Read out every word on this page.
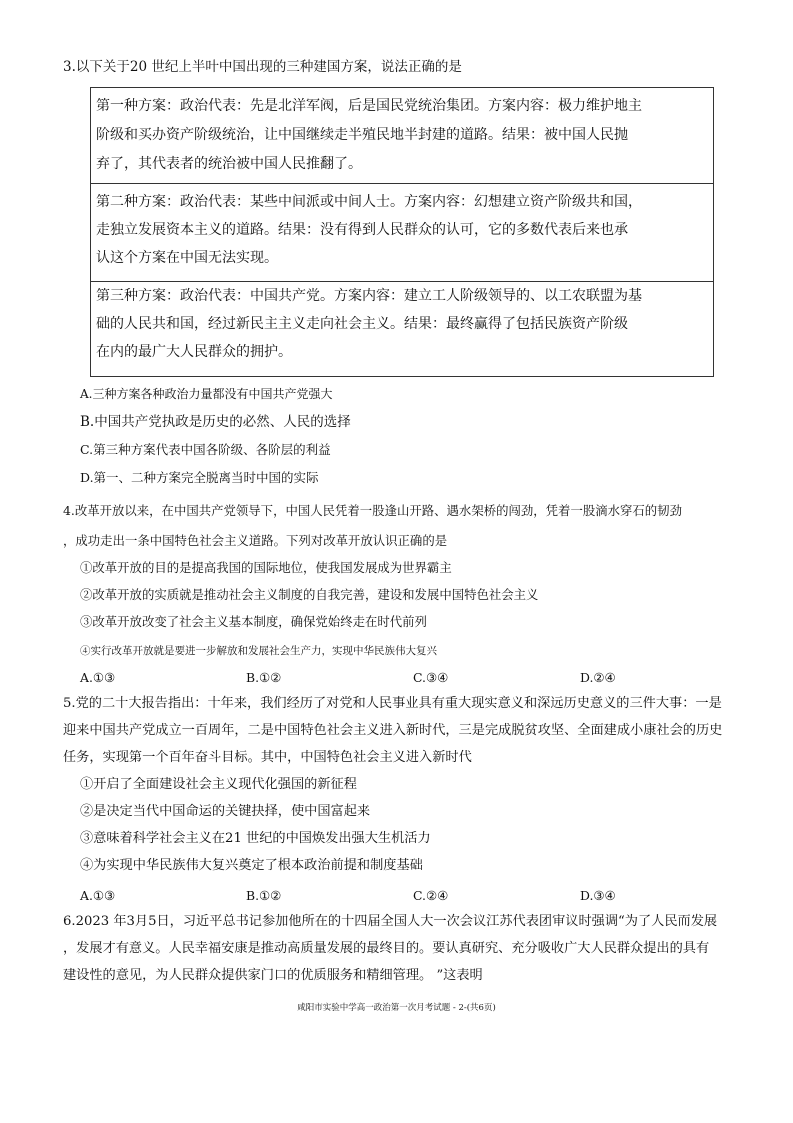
3.以下关于20 世纪上半叶中国出现的三种建国方案，说法正确的是
第一种方案：政治代表：先是北洋军阀，后是国民党统治集团。方案内容：极力维护地主
阶级和买办资产阶级统治，让中国继续走半殖民地半封建的道路。结果：被中国人民抛
弃了，其代表者的统治被中国人民推翻了。
第二种方案：政治代表：某些中间派或中间人士。方案内容：幻想建立资产阶级共和国，
走独立发展资本主义的道路。结果：没有得到人民群众的认可，它的多数代表后来也承
认这个方案在中国无法实现。
第三种方案：政治代表：中国共产党。方案内容：建立工人阶级领导的、以工农联盟为基
础的人民共和国，经过新民主主义走向社会主义。结果：最终赢得了包括民族资产阶级
在内的最广大人民群众的拥护。
A.三种方案各种政治力量都没有中国共产党强大
B.中国共产党执政是历史的必然、人民的选择
C.第三种方案代表中国各阶级、各阶层的利益
D.第一、二种方案完全脱离当时中国的实际
4.改革开放以来，在中国共产党领导下，中国人民凭着一股逢山开路、遇水架桥的闯劲，凭着一股滴水穿石的韧劲
，成功走出一条中国特色社会主义道路。下列对改革开放认识正确的是
①改革开放的目的是提高我国的国际地位，使我国发展成为世界霸主
②改革开放的实质就是推动社会主义制度的自我完善，建设和发展中国特色社会主义
③改革开放改变了社会主义基本制度，确保党始终走在时代前列
④实行改革开放就是要进一步解放和发展社会生产力，实现中华民族伟大复兴
A.①③	B.①②	C.③④	D.②④
5.党的二十大报告指出：十年来，我们经历了对党和人民事业具有重大现实意义和深远历史意义的三件大事：一是
迎来中国共产党成立一百周年，二是中国特色社会主义进入新时代，三是完成脱贫攻坚、全面建成小康社会的历史
任务，实现第一个百年奋斗目标。其中，中国特色社会主义进入新时代
①开启了全面建设社会主义现代化强国的新征程
②是决定当代中国命运的关键抉择，使中国富起来
③意味着科学社会主义在21 世纪的中国焕发出强大生机活力
④为实现中华民族伟大复兴奠定了根本政治前提和制度基础
A.①③	B.①②	C.②④	D.③④
6.2023 年3月5日，习近平总书记参加他所在的十四届全国人大一次会议江苏代表团审议时强调“为了人民而发展
，发展才有意义。人民幸福安康是推动高质量发展的最终目的。要认真研究、充分吸收广大人民群众提出的具有
建设性的意见，为人民群众提供家门口的优质服务和精细管理。 ”这表明
咸阳市实验中学高一政治第一次月考试题 - 2-(共6页)
